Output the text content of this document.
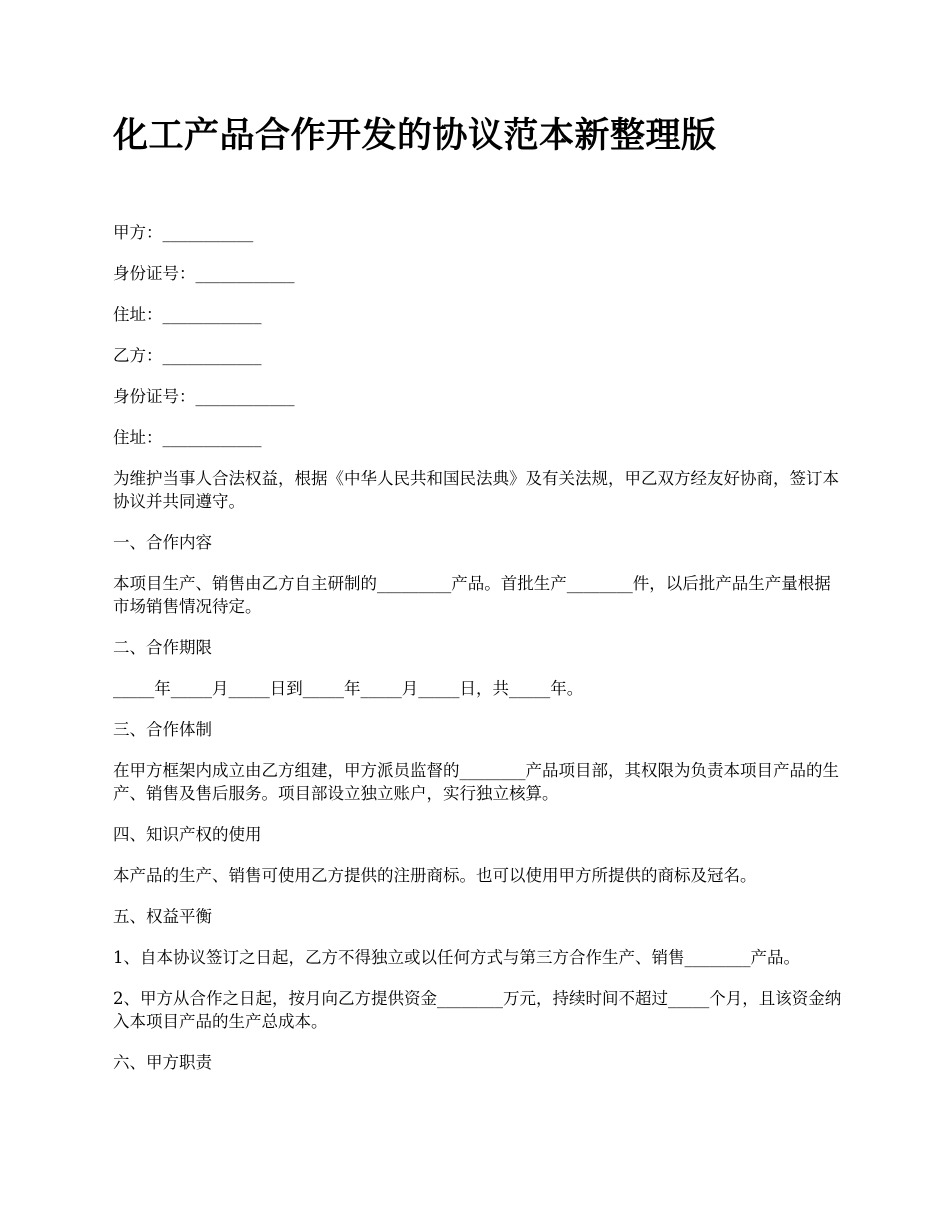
化工产品合作开发的协议范本新整理版

甲方：___________

身份证号：____________

住址：____________

乙方：____________

身份证号：____________

住址：____________

为维护当事人合法权益，根据《中华人民共和国民法典》及有关法规，甲乙双方经友好协商，签订本协议并共同遵守。

一、合作内容

本项目生产、销售由乙方自主研制的_________产品。首批生产________件，以后批产品生产量根据市场销售情况待定。

二、合作期限

_____年_____月_____日到_____年_____月_____日，共_____年。

三、合作体制

在甲方框架内成立由乙方组建，甲方派员监督的________产品项目部，其权限为负责本项目产品的生产、销售及售后服务。项目部设立独立账户，实行独立核算。

四、知识产权的使用

本产品的生产、销售可使用乙方提供的注册商标。也可以使用甲方所提供的商标及冠名。

五、权益平衡

1、自本协议签订之日起，乙方不得独立或以任何方式与第三方合作生产、销售________产品。

2、甲方从合作之日起，按月向乙方提供资金________万元，持续时间不超过_____个月，且该资金纳入本项目产品的生产总成本。

六、甲方职责
